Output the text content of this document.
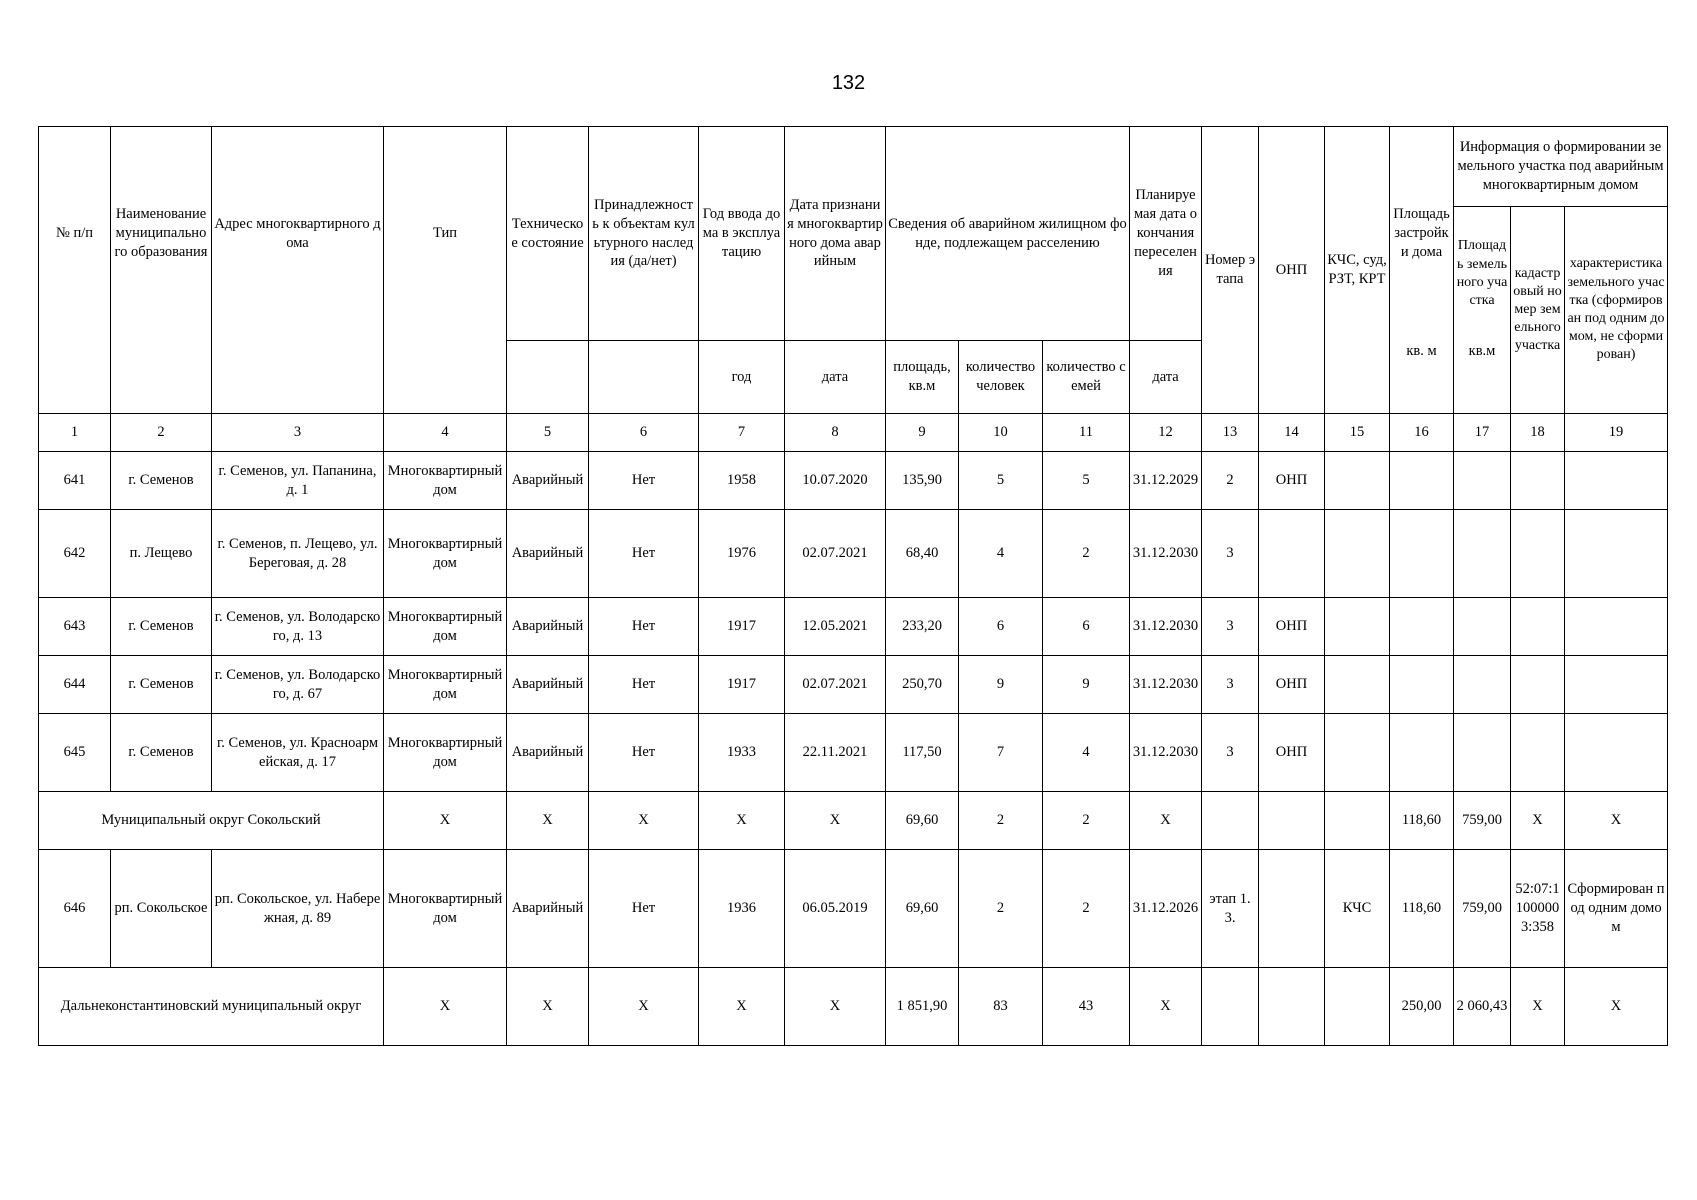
132
№ п/п	Наименование муниципального образования	Адрес многоквартирного дома	Тип	Техническое состояние	Принадлежность к объектам культурного наследия (да/нет)	Год ввода дома в эксплуатацию	Дата признания многоквартирного дома аварийным	Сведения об аварийном жилищном фонде, подлежащем расселению			Планируемая дата окончания переселения	Номер этапа	ОНП	КЧС, суд, РЗТ, КРТ	Площадь застройки дома	Информация о формировании земельного участка под аварийным многоквартирным домом		
																Площадь земельного участка	кадастровый номер земельного участка	характеристика земельного участка (сформирован под одним домом, не сформирован)
						год	дата	площадь, кв.м	количество человек	количество семей	дата				кв. м	кв.м		
1	2	3	4	5	6	7	8	9	10	11	12	13	14	15	16	17	18	19
641	г. Семенов	г. Семенов, ул. Папанина, д. 1	Многоквартирный дом	Аварийный	Нет	1958	10.07.2020	135,90	5	5	31.12.2029	2	ОНП					
642	п. Лещево	г. Семенов, п. Лещево, ул. Береговая, д. 28	Многоквартирный дом	Аварийный	Нет	1976	02.07.2021	68,40	4	2	31.12.2030	3						
643	г. Семенов	г. Семенов, ул. Володарского, д. 13	Многоквартирный дом	Аварийный	Нет	1917	12.05.2021	233,20	6	6	31.12.2030	3	ОНП					
644	г. Семенов	г. Семенов, ул. Володарского, д. 67	Многоквартирный дом	Аварийный	Нет	1917	02.07.2021	250,70	9	9	31.12.2030	3	ОНП					
645	г. Семенов	г. Семенов, ул. Красноармейская, д. 17	Многоквартирный дом	Аварийный	Нет	1933	22.11.2021	117,50	7	4	31.12.2030	3	ОНП					
Муниципальный округ Сокольский			X	X	X	X	X	69,60	2	2	X				118,60	759,00	X	X
646	рп. Сокольское	рп. Сокольское, ул. Набережная, д. 89	Многоквартирный дом	Аварийный	Нет	1936	06.05.2019	69,60	2	2	31.12.2026	этап 1.3.		КЧС	118,60	759,00	52:07:11000003:358	Сформирован под одним домом
Дальнеконстантиновский муниципальный округ			X	X	X	X	X	1 851,90	83	43	X				250,00	2 060,43	X	X
